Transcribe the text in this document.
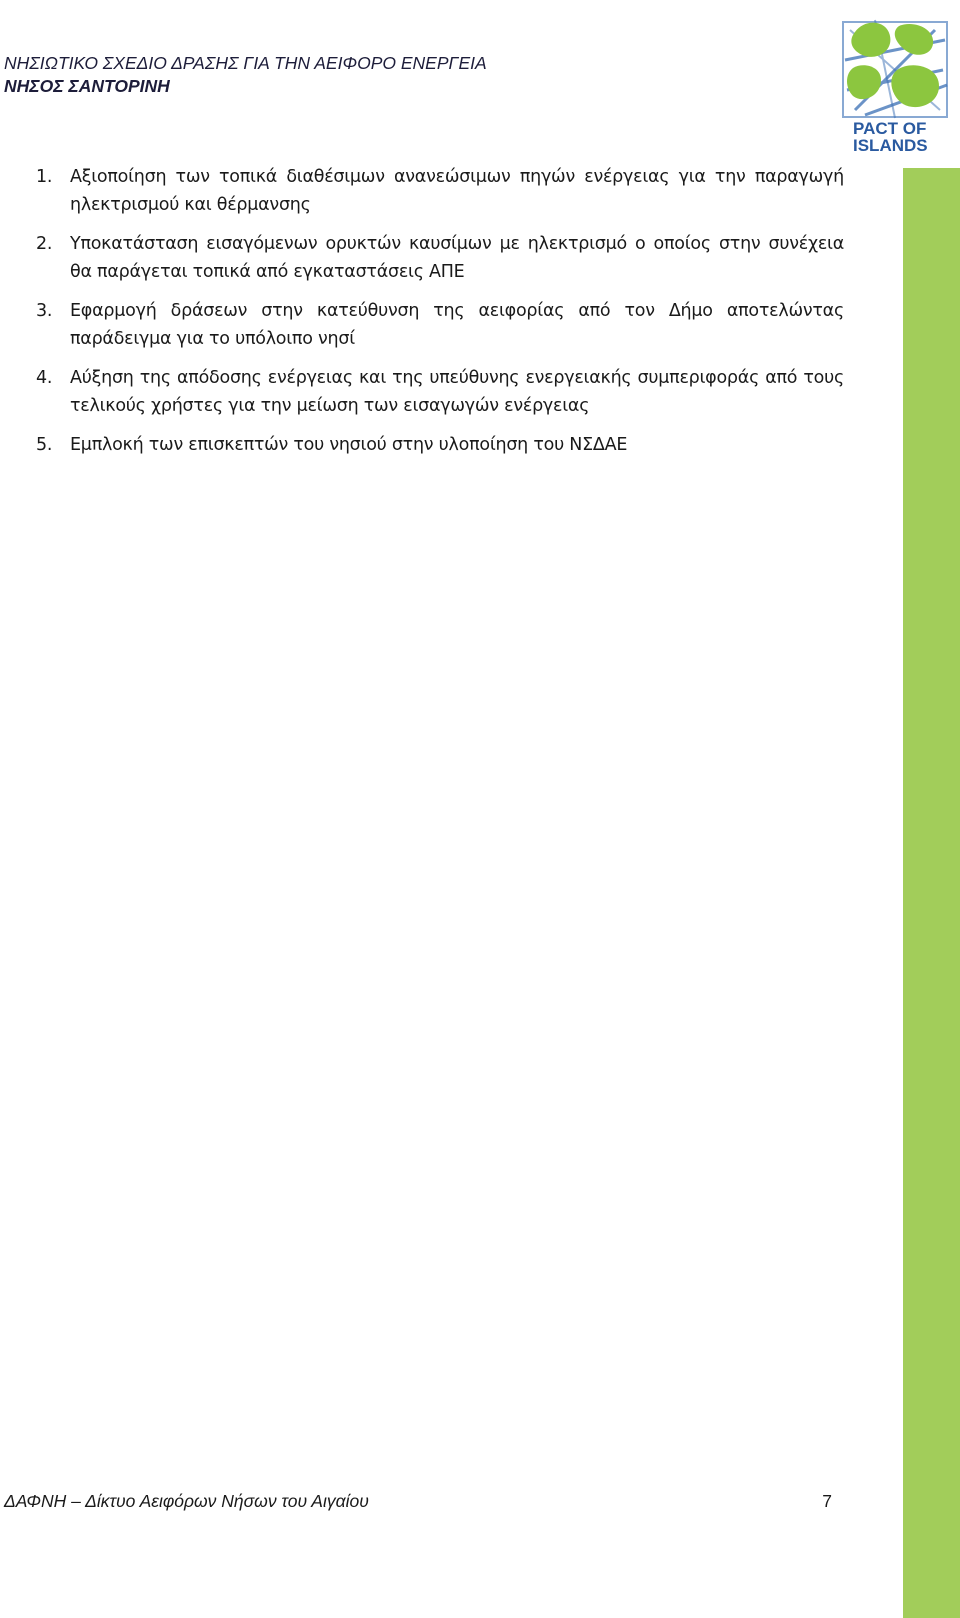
PACT OF
ISLANDS
ΝΗΣΙΩΤΙΚΟ ΣΧΕΔΙΟ ΔΡΑΣΗΣ ΓΙΑ ΤΗΝ ΑΕΙΦΟΡΟ ΕΝΕΡΓΕΙΑ
ΝΗΣΟΣ ΣΑΝΤΟΡΙΝΗ
1. Αξιοποίηση των τοπικά διαθέσιμων ανανεώσιμων πηγών ενέργειας για την παραγωγή ηλεκτρισμού και θέρμανσης
2. Υποκατάσταση εισαγόμενων ορυκτών καυσίμων με ηλεκτρισμό ο οποίος στην συνέχεια θα παράγεται τοπικά από εγκαταστάσεις ΑΠΕ
3. Εφαρμογή δράσεων στην κατεύθυνση της αειφορίας από τον Δήμο αποτελώντας παράδειγμα για το υπόλοιπο νησί
4. Αύξηση της απόδοσης ενέργειας και της υπεύθυνης ενεργειακής συμπεριφοράς από τους τελικούς χρήστες για την μείωση των εισαγωγών ενέργειας
5. Εμπλοκή των επισκεπτών του νησιού στην υλοποίηση του ΝΣΔΑΕ
ΔΑΦΝΗ – Δίκτυο Αειφόρων Νήσων του Αιγαίου	7
